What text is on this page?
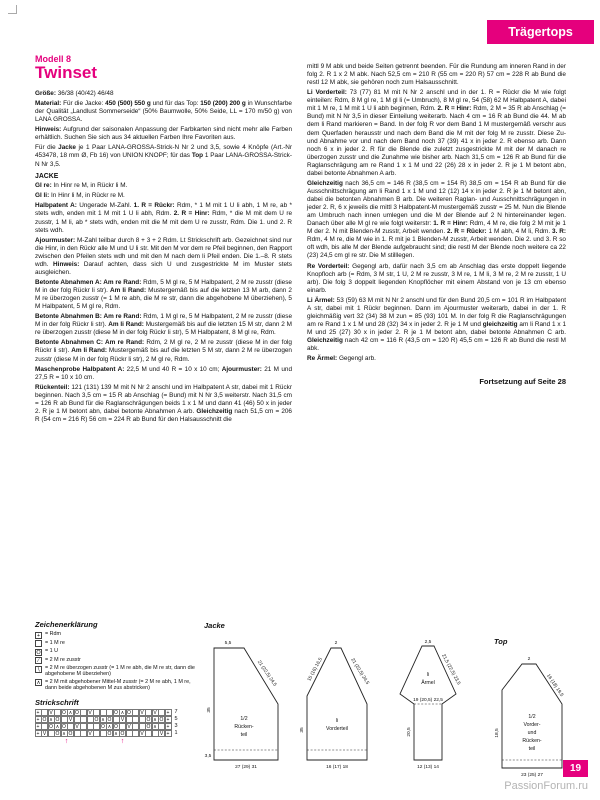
Trägertops
Modell 8
Twinset

Größe: 36/38 (40/42) 46/48

Material: Für die Jacke: 450 (500) 550 g und für das Top: 150 (200) 200 g in Wunschfarbe der Qualität „Landlust Sommerseide“ (50% Baumwolle, 50% Seide, LL = 170 m/50 g) von LANA GROSSA.

Hinweis: Aufgrund der saisonalen Anpassung der Farbkarten sind nicht mehr alle Farben erhältlich. Suchen Sie sich aus 34 aktuellen Farben Ihre Favoriten aus.

Für die Jacke je 1 Paar LANA-GROSSA-Strick-N Nr 2 und 3,5, sowie 4 Knöpfe (Art.-Nr 453478, 18 mm Ø, Fb 16) von UNION KNOPF; für das Top 1 Paar LANA-GROSSA-Strick-N Nr 3,5.

JACKE

Gl re: In Hinr re M, in Rückr li M.

Gl li: In Hinr li M, in Rückr re M.

Halbpatent A: Ungerade M-Zahl. 1. R = Rückr: Rdm, * 1 M mit 1 U li abh, 1 M re, ab * stets wdh, enden mit 1 M mit 1 U li abh, Rdm. 2. R = Hinr: Rdm, * die M mit dem U re zusstr, 1 M li, ab * stets wdh, enden mit die M mit dem U re zusstr, Rdm. Die 1. und 2. R stets wdh.

Ajourmuster: M-Zahl teilbar durch 8 + 3 + 2 Rdm. Lt Strickschrift arb. Gezeichnet sind nur die Hinr, in den Rückr alle M und U li str. Mit den M vor dem re Pfeil beginnen, den Rapport zwischen den Pfeilen stets wdh und mit den M nach dem li Pfeil enden. Die 1.–8. R stets wdh. Hinweis: Darauf achten, dass sich U und zusgestrickte M im Muster stets ausgleichen.

Betonte Abnahmen A: Am re Rand: Rdm, 5 M gl re, 5 M Halbpatent, 2 M re zusstr (diese M in der folg Rückr li str). Am li Rand: Mustergemäß bis auf die letzten 13 M arb, dann 2 M re überzogen zusstr (= 1 M re abh, die M re str, dann die abgehobene M überziehen), 5 M Halbpatent, 5 M gl re, Rdm.

Betonte Abnahmen B: Am re Rand: Rdm, 1 M gl re, 5 M Halbpatent, 2 M re zusstr (diese M in der folg Rückr li str). Am li Rand: Mustergemäß bis auf die letzten 15 M str, dann 2 M re überzogen zusstr (diese M in der folg Rückr li str), 5 M Halbpatent, 8 M gl re, Rdm.

Betonte Abnahmen C: Am re Rand: Rdm, 2 M gl re, 2 M re zusstr (diese M in der folg Rückr li str). Am li Rand: Mustergemäß bis auf die letzten 5 M str, dann 2 M re überzogen zusstr (diese M in der folg Rückr li str), 2 M gl re, Rdm.

Maschenprobe Halbpatent A: 22,5 M und 40 R = 10 x 10 cm; Ajourmuster: 21 M und 27,5 R = 10 x 10 cm.

Rückenteil: 121 (131) 139 M mit N Nr 2 anschl und im Halbpatent A str, dabei mit 1 Rückr beginnen. Nach 3,5 cm = 15 R ab Anschlag (= Bund) mit N Nr 3,5 weiterstr. Nach 31,5 cm = 126 R ab Bund für die Raglanschrägungen beids 1 x 1 M und dann 41 (46) 50 x in jeder 2. R je 1 M betont abn, dabei betonte Abnahmen A arb. Gleichzeitig nach 51,5 cm = 206 R (54 cm = 216 R) 56 cm = 224 R ab Bund für den Halsausschnitt die

mittl 9 M abk und beide Seiten getrennt beenden. Für die Rundung am inneren Rand in der folg 2. R 1 x 2 M abk. Nach 52,5 cm = 210 R (55 cm = 220 R) 57 cm = 228 R ab Bund die restl 12 M abk, sie gehören noch zum Halsausschnitt.

Li Vorderteil: 73 (77) 81 M mit N Nr 2 anschl und in der 1. R = Rückr die M wie folgt einteilen: Rdm, 8 M gl re, 1 M gl li (= Umbruch), 8 M gl re, 54 (58) 62 M Halbpatent A, dabei mit 1 M re, 1 M mit 1 U li abh beginnen, Rdm. 2. R = Hinr: Rdm, 2 M = 35 R ab Anschlag (= Bund) mit N Nr 3,5 in dieser Einteilung weiterarb. Nach 4 cm = 16 R ab Bund die 44. M ab dem li Rand markieren = Band. In der folg R vor dem Band 1 M mustergemäß verschr aus dem Querfaden herausstr und nach dem Band die M mit der folg M re zusstr. Diese Zu- und Abnahme vor und nach dem Band noch 37 (39) 41 x in jeder 2. R ebenso arb. Dann noch 6 x in jeder 2. R für die Blende die zuletzt zusgestrickte M mit der M danach re überzogen zusstr und die Zunahme wie bisher arb. Nach 31,5 cm = 126 R ab Bund für die Raglanschrägung am re Rand 1 x 1 M und 22 (26) 28 x in jeder 2. R je 1 M betont abn, dabei betonte Abnahmen A arb.

Gleichzeitig nach 36,5 cm = 146 R (38,5 cm = 154 R) 38,5 cm = 154 R ab Bund für die Ausschnittschrägung am li Rand 1 x 1 M und 12 (12) 14 x in jeder 2. R je 1 M betont abn, dabei die betonten Abnahmen B arb. Die weiteren Raglan- und Ausschnittschrägungen in jeder 2. R, 6 x jeweils die mittl 3 Halbpatent-M mustergemäß zusstr = 25 M. Nun die Blende am Umbruch nach innen umlegen und die M der Blende auf 2 N hintereinander legen. Danach über alle M gl re wie folgt weiterstr: 1. R = Hinr: Rdm, 4 M re, die folg 2 M mit je 1 M der 2. N mit Blenden-M zusstr, Arbeit wenden. 2. R = Rückr: 1 M abh, 4 M li, Rdm. 3. R: Rdm, 4 M re, die M wie in 1. R mit je 1 Blenden-M zusstr, Arbeit wenden. Die 2. und 3. R so oft wdh, bis alle M der Blende aufgebraucht sind; die restl M der Blende noch weitere ca 22 (23) 24,5 cm gl re str. Die M stilllegen.

Re Vorderteil: Gegengl arb, dafür nach 3,5 cm ab Anschlag das erste doppelt liegende Knopfloch arb (= Rdm, 3 M str, 1 U, 2 M re zusstr, 3 M re, 1 M li, 3 M re, 2 M re zusstr, 1 U arb). Die folg 3 doppelt liegenden Knopflöcher mit einem Abstand von je 13 cm ebenso einarb.

Li Ärmel: 53 (59) 63 M mit N Nr 2 anschl und für den Bund 20,5 cm = 101 R im Halbpatent A str, dabei mit 1 Rückr beginnen. Dann im Ajourmuster weiterarb, dabei in der 1. R gleichmäßig vert 32 (34) 38 M zun = 85 (93) 101 M. In der folg R die Raglanschrägungen am re Rand 1 x 1 M und 28 (32) 34 x in jeder 2. R je 1 M und gleichzeitig am li Rand 1 x 1 M und 25 (27) 30 x in jeder 2. R je 1 M betont abn, dabei betonte Abnahmen C arb. Gleichzeitig nach 42 cm = 116 R (43,5 cm = 120 R) 45,5 cm = 126 R ab Bund die restl M abk.

Re Ärmel: Gegengl arb.

Fortsetzung auf Seite 28
Zeichenerklärung
+ = Rdm
= 1 M re
O = 1 U
∕	= 2 M re zusstr
∖ = 2 M re überzogen zusstr (= 1 M re abh, die M re str, dann die abgehobene M überziehen)
∧ = 2 M mit abgehobener Mittel-M zusstr (= 2 M re abh, 1 M re, dann beide abgehobenen M zus abstricken)
Strickschrift
+	V	O ∧ O	V	O ∧ O	V	V	+ 7
+ O ∧ O	V	O ∧ O	V	O ∧ O + 5
+	O ∧ O	V	O ∧ O	V	O ∧	+ 3
+ V	O ∧ O	V	O ∧ O	V	V + 1
↑	↑
Jacke
1/2
Rücken-
teil
27 (29) 31
35
3,5
21 (22,5) 24,5
5,5
li
Vorderteil
16 (17) 18
35
21 (22,5) 24,5
15 (16) 16,5
2
li
Ärmel
12 (13) 14
20,5
19 (20,5) 22,5
21,5 (22,5) 23,5
2,5	Top
1/2
Vorder-
und
Rücken-
teil
23 (25) 27
18,5
16 (18) 19,5
2
19
PassionForum.ru
